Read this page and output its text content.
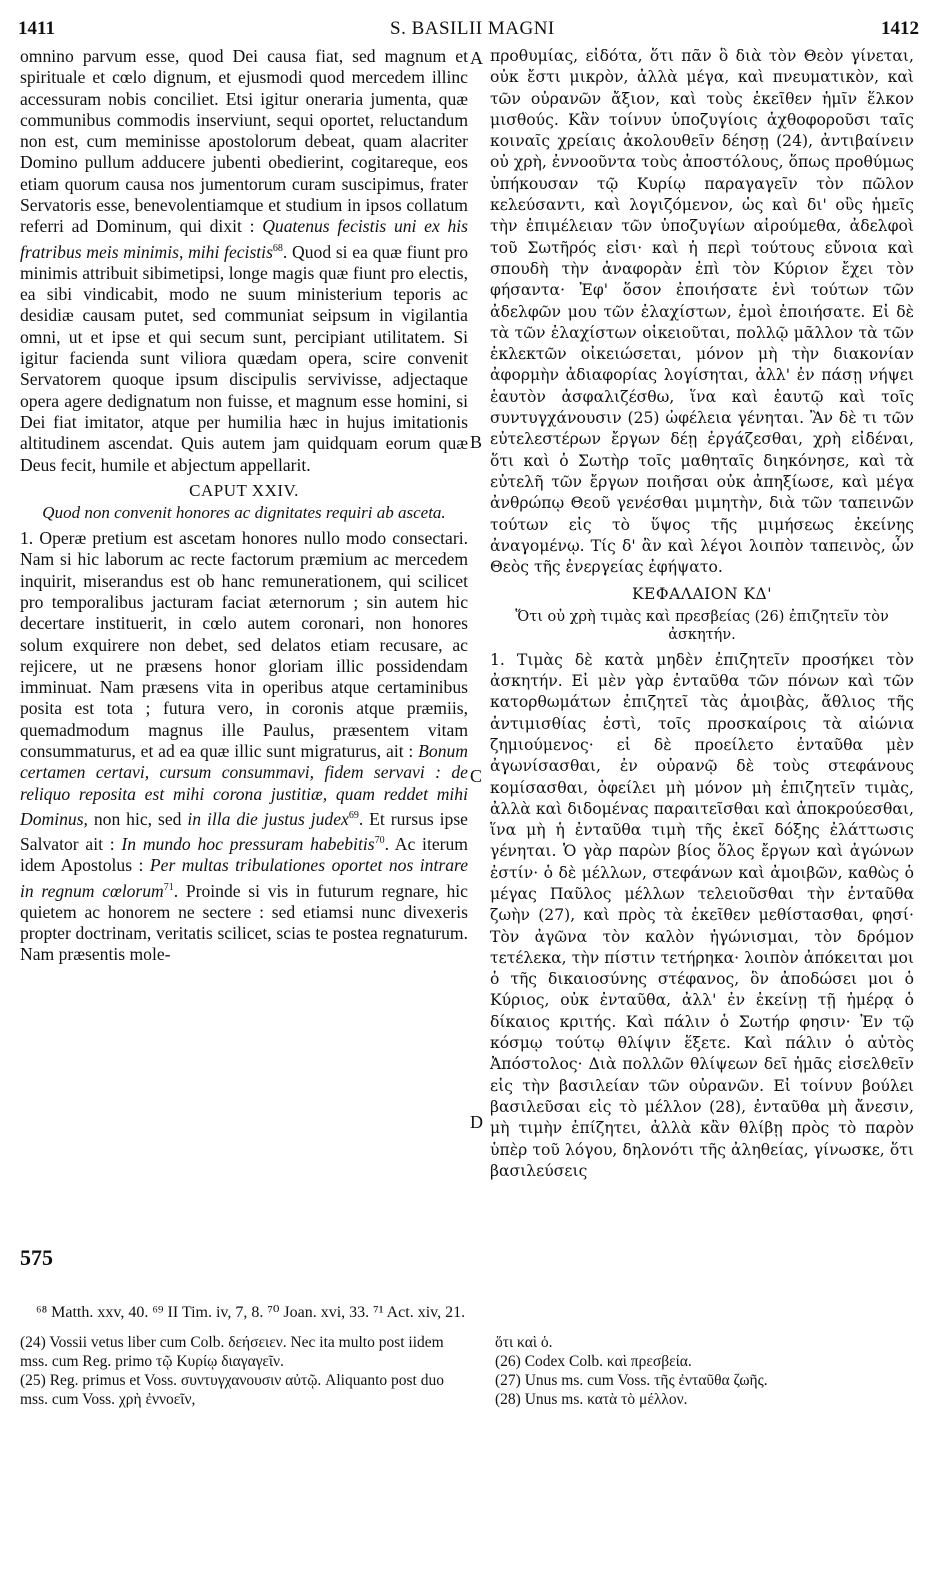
1411	S. BASILII MAGNI	1412

omnino parvum esse, quod Dei causa fiat, sed magnum et spirituale et cœlo dignum, et ejusmodi quod mercedem illinc accessuram nobis conciliet. Etsi igitur oneraria jumenta, quæ communibus commodis inserviunt, sequi oportet, reluctandum non est, cum meminisse apostolorum debeat, quam alacriter Domino pullum adducere jubenti obedierint, cogitareque, eos etiam quorum causa nos jumentorum curam suscipimus, frater Servatoris esse, benevolentiamque et studium in ipsos collatum referri ad Dominum, qui dixit : Quatenus fecistis uni ex his fratribus meis minimis, mihi fecistis$^{68}$. Quod si ea quæ fiunt pro minimis attribuit sibimetipsi, longe magis quæ fiunt pro electis, ea sibi vindicabit, modo ne suum ministerium teporis ac desidiæ causam putet, sed communiat seipsum in vigilantia omni, ut et ipse et qui secum sunt, percipiant utilitatem. Si igitur facienda sunt viliora quædam opera, scire convenit Servatorem quoque ipsum discipulis servivisse, adjectaque opera agere dedignatum non fuisse, et magnum esse homini, si Dei fiat imitator, atque per humilia hæc in hujus imitationis altitudinem ascendat. Quis autem jam quidquam eorum quæ Deus fecit, humile et abjectum appellarit.

CAPUT XXIV.
Quod non convenit honores ac dignitates requiri ab asceta.

1. Operæ pretium est ascetam honores nullo modo consectari. Nam si hic laborum ac recte factorum præmium ac mercedem inquirit, miserandus est ob hanc remunerationem, qui scilicet pro temporalibus jacturam faciat æternorum ; sin autem hic decertare instituerit, in cœlo autem coronari, non honores solum exquirere non debet, sed delatos etiam recusare, ac rejicere, ut ne præsens honor gloriam illic possidendam imminuat. Nam præsens vita in operibus atque certaminibus posita est tota ; futura vero, in coronis atque præmiis, quemadmodum magnus ille Paulus, præsentem vitam consummaturus, et ad ea quæ illic sunt migraturus, ait : Bonum certamen certavi, cursum consummavi, fidem servavi : de reliquo reposita est mihi corona justitiæ, quam reddet mihi Dominus, non hic, sed in illa die justus judex$^{69}$. Et rursus ipse Salvator ait : In mundo hoc pressuram habebitis$^{70}$. Ac iterum idem Apostolus : Per multas tribulationes oportet nos intrare in regnum cœlorum$^{71}$. Proinde si vis in futurum regnare, hic quietem ac honorem ne sectere : sed etiamsi nunc divexeris propter doctrinam, veritatis scilicet, scias te postea regnaturum. Nam præsentis mole-

A
B
C
D
575

προθυμίας, εἰδότα, ὅτι πᾶν ὃ διὰ τὸν Θεὸν γίνεται, οὐκ ἔστι μικρὸν, ἀλλὰ μέγα, καὶ πνευματικὸν, καὶ τῶν οὐρανῶν ἄξιον, καὶ τοὺς ἐκεῖθεν ἡμῖν ἕλκον μισθούς. Κἂν τοίνυν ὑποζυγίοις ἀχθοφοροῦσι ταῖς κοιναῖς χρείαις ἀκολουθεῖν δέησῃ (24), ἀντιβαίνειν οὐ χρὴ, ἐννοοῦντα τοὺς ἀποστόλους, ὅπως προθύμως ὑπήκουσαν τῷ Κυρίῳ παραγαγεῖν τὸν πῶλον κελεύσαντι, καὶ λογιζόμενον, ὡς καὶ δι' οὓς ἡμεῖς τὴν ἐπιμέλειαν τῶν ὑποζυγίων αἱρούμεθα, ἀδελφοὶ τοῦ Σωτῆρός εἰσι· καὶ ἡ περὶ τούτους εὔνοια καὶ σπουδὴ τὴν ἀναφορὰν ἐπὶ τὸν Κύριον ἔχει τὸν φήσαντα· Ἐφ' ὅσον ἐποιήσατε ἑνὶ τούτων τῶν ἀδελφῶν μου τῶν ἐλαχίστων, ἐμοὶ ἐποιήσατε. Εἰ δὲ τὰ τῶν ἐλαχίστων οἰκειοῦται, πολλῷ μᾶλλον τὰ τῶν ἐκλεκτῶν οἰκειώσεται, μόνον μὴ τὴν διακονίαν ἀφορμὴν ἀδιαφορίας λογίσηται, ἀλλ' ἐν πάσῃ νήψει ἑαυτὸν ἀσφαλιζέσθω, ἵνα καὶ ἑαυτῷ καὶ τοῖς συντυγχάνουσιν (25) ὠφέλεια γένηται. Ἂν δὲ τι τῶν εὐτελεστέρων ἔργων δέῃ ἐργάζεσθαι, χρὴ εἰδέναι, ὅτι καὶ ὁ Σωτὴρ τοῖς μαθηταῖς διηκόνησε, καὶ τὰ εὐτελῆ τῶν ἔργων ποιῆσαι οὐκ ἀπηξίωσε, καὶ μέγα ἀνθρώπῳ Θεοῦ γενέσθαι μιμητὴν, διὰ τῶν ταπεινῶν τούτων εἰς τὸ ὕψος τῆς μιμήσεως ἐκείνης ἀναγομένῳ. Τίς δ' ἂν καὶ λέγοι λοιπὸν ταπεινὸς, ὧν Θεὸς τῆς ἐνεργείας ἐφήψατο.

ΚΕΦΑΛΑΙΟΝ ΚΔ'
Ὅτι οὐ χρὴ τιμὰς καὶ πρεσβείας (26) ἐπιζητεῖν τὸν ἀσκητήν.

1. Τιμὰς δὲ κατὰ μηδὲν ἐπιζητεῖν προσήκει τὸν ἀσκητήν. Εἰ μὲν γὰρ ἐνταῦθα τῶν πόνων καὶ τῶν κατορθωμάτων ἐπιζητεῖ τὰς ἀμοιβὰς, ἄθλιος τῆς ἀντιμισθίας ἐστὶ, τοῖς προσκαίροις τὰ αἰώνια ζημιούμενος· εἰ δὲ προείλετο ἐνταῦθα μὲν ἀγωνίσασθαι, ἐν οὐρανῷ δὲ τοὺς στεφάνους κομίσασθαι, ὀφείλει μὴ μόνον μὴ ἐπιζητεῖν τιμὰς, ἀλλὰ καὶ διδομένας παραιτεῖσθαι καὶ ἀποκρούεσθαι, ἵνα μὴ ἡ ἐνταῦθα τιμὴ τῆς ἐκεῖ δόξης ἐλάττωσις γένηται. Ὁ γὰρ παρὼν βίος ὅλος ἔργων καὶ ἀγώνων ἐστίν· ὁ δὲ μέλλων, στεφάνων καὶ ἀμοιβῶν, καθὼς ὁ μέγας Παῦλος μέλλων τελειοῦσθαι τὴν ἐνταῦθα ζωὴν (27), καὶ πρὸς τὰ ἐκεῖθεν μεθίστασθαι, φησί· Τὸν ἀγῶνα τὸν καλὸν ἠγώνισμαι, τὸν δρόμον τετέλεκα, τὴν πίστιν τετήρηκα· λοιπὸν ἀπόκειται μοι ὁ τῆς δικαιοσύνης στέφανος, ὃν ἀποδώσει μοι ὁ Κύριος, οὐκ ἐνταῦθα, ἀλλ' ἐν ἐκείνῃ τῇ ἡμέρᾳ ὁ δίκαιος κριτής. Καὶ πάλιν ὁ Σωτήρ φησιν· Ἐν τῷ κόσμῳ τούτῳ θλίψιν ἕξετε. Καὶ πάλιν ὁ αὐτὸς Ἀπόστολος· Διὰ πολλῶν θλίψεων δεῖ ἡμᾶς εἰσελθεῖν εἰς τὴν βασιλείαν τῶν οὐρανῶν. Εἰ τοίνυν βούλει βασιλεῦσαι εἰς τὸ μέλλον (28), ἐνταῦθα μὴ ἄνεσιν, μὴ τιμὴν ἐπίζητει, ἀλλὰ κἂν θλίβῃ πρὸς τὸ παρὸν ὑπὲρ τοῦ λόγου, δηλονότι τῆς ἀληθείας, γίνωσκε, ὅτι βασιλεύσεις

⁶⁸ Matth. xxv, 40. ⁶⁹ II Tim. iv, 7, 8. ⁷⁰ Joan. xvi, 33. ⁷¹ Act. xiv, 21.

(24) Vossii vetus liber cum Colb. δεήσειεν. Nec ita multo post iidem mss. cum Reg. primo τῷ Κυρίῳ διαγαγεῖν.

(25) Reg. primus et Voss. συντυγχανουσιν αὐτῷ. Aliquanto post duo mss. cum Voss. χρὴ ἐννοεῖν,

ὅτι καὶ ὁ.

(26) Codex Colb. καὶ πρεσβεία.

(27) Unus ms. cum Voss. τῆς ἐνταῦθα ζωῆς.

(28) Unus ms. κατὰ τὸ μέλλον.
